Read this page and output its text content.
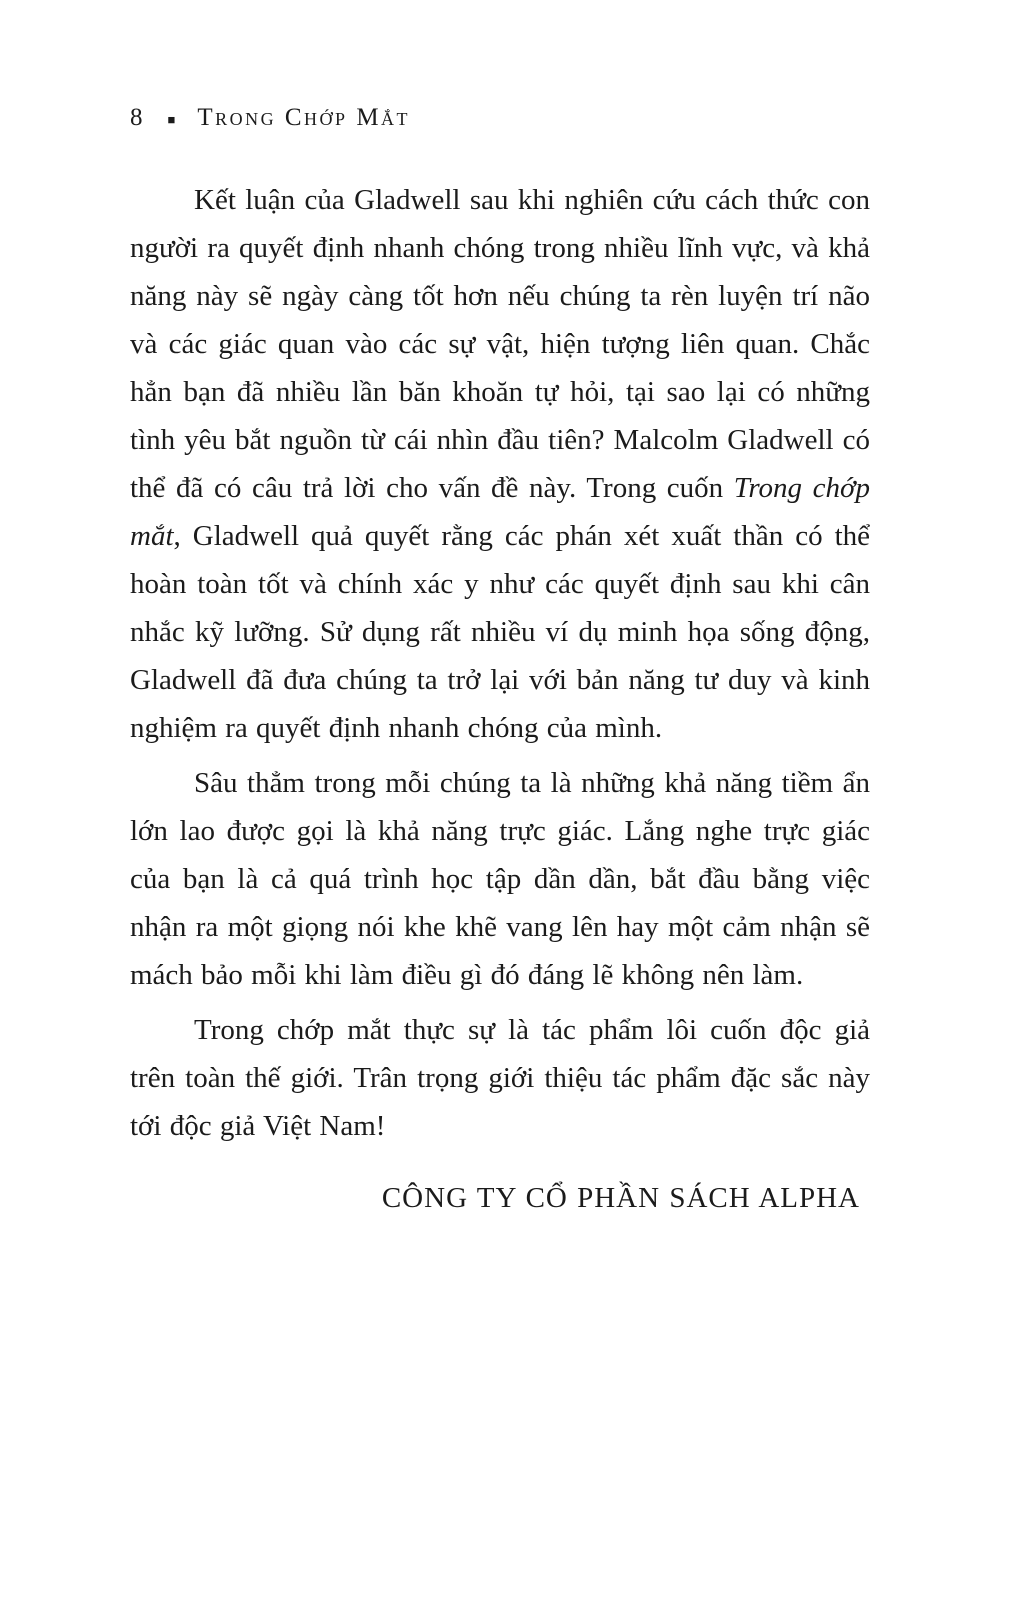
8 ■ Trong Chớp Mắt

Kết luận của Gladwell sau khi nghiên cứu cách thức con người ra quyết định nhanh chóng trong nhiều lĩnh vực, và khả năng này sẽ ngày càng tốt hơn nếu chúng ta rèn luyện trí não và các giác quan vào các sự vật, hiện tượng liên quan. Chắc hẳn bạn đã nhiều lần băn khoăn tự hỏi, tại sao lại có những tình yêu bắt nguồn từ cái nhìn đầu tiên? Malcolm Gladwell có thể đã có câu trả lời cho vấn đề này. Trong cuốn Trong chớp mắt, Gladwell quả quyết rằng các phán xét xuất thần có thể hoàn toàn tốt và chính xác y như các quyết định sau khi cân nhắc kỹ lưỡng. Sử dụng rất nhiều ví dụ minh họa sống động, Gladwell đã đưa chúng ta trở lại với bản năng tư duy và kinh nghiệm ra quyết định nhanh chóng của mình.

Sâu thẳm trong mỗi chúng ta là những khả năng tiềm ẩn lớn lao được gọi là khả năng trực giác. Lắng nghe trực giác của bạn là cả quá trình học tập dần dần, bắt đầu bằng việc nhận ra một giọng nói khe khẽ vang lên hay một cảm nhận sẽ mách bảo mỗi khi làm điều gì đó đáng lẽ không nên làm.

Trong chớp mắt thực sự là tác phẩm lôi cuốn độc giả trên toàn thế giới. Trân trọng giới thiệu tác phẩm đặc sắc này tới độc giả Việt Nam!

CÔNG TY CỔ PHẦN SÁCH ALPHA
